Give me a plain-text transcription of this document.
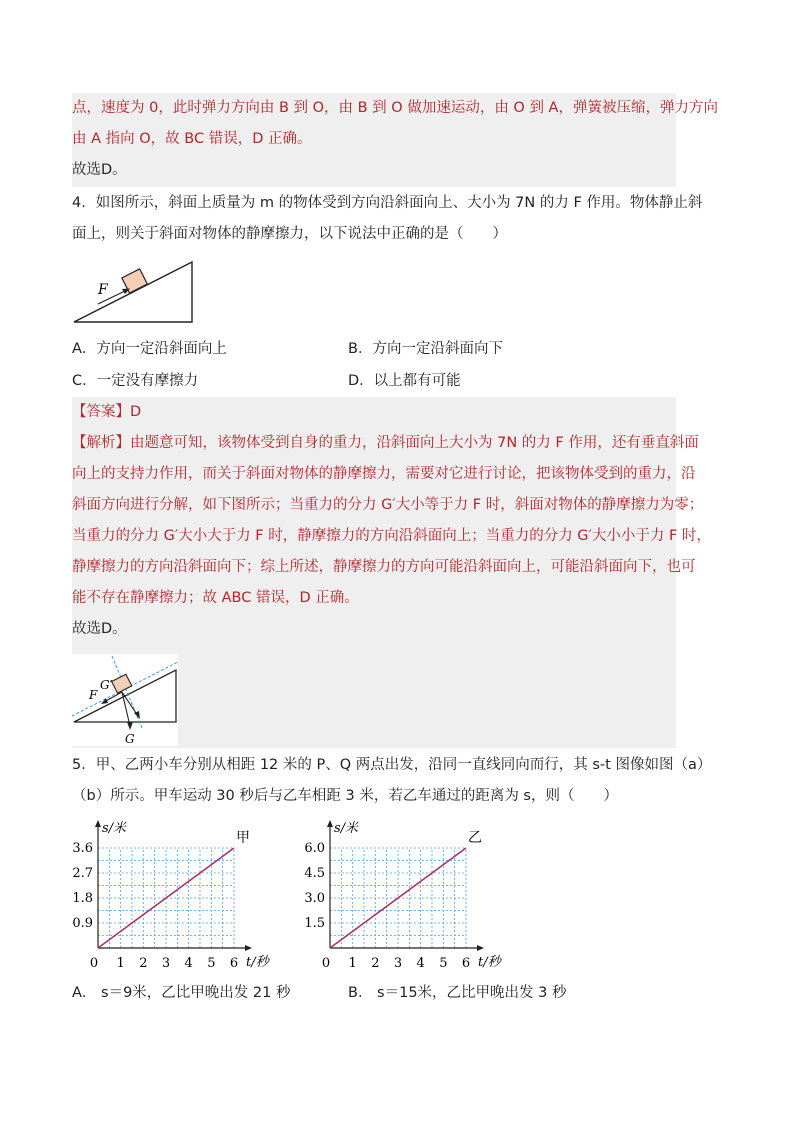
点，速度为 0，此时弹力方向由 B 到 O，由 B 到 O 做加速运动，由 O 到 A，弹簧被压缩，弹力方向
由 A 指向 O，故 BC 错误，D 正确。
故选D。
4．如图所示，斜面上质量为 m 的物体受到方向沿斜面向上、大小为 7N 的力 F 作用。物体静止斜
面上，则关于斜面对物体的静摩擦力，以下说法中正确的是（　　）
F
A．方向一定沿斜面向上	B．方向一定沿斜面向下
C．一定没有摩擦力	D．以上都有可能
【答案】D
【解析】由题意可知，该物体受到自身的重力，沿斜面向上大小为 7N 的力 F 作用，还有垂直斜面
向上的支持力作用，而关于斜面对物体的静摩擦力，需要对它进行讨论，把该物体受到的重力，沿
斜面方向进行分解，如下图所示；当重力的分力 G′大小等于力 F 时，斜面对物体的静摩擦力为零；
当重力的分力 G′大小大于力 F 时，静摩擦力的方向沿斜面向上；当重力的分力 G′大小小于力 F 时，
静摩擦力的方向沿斜面向下；综上所述，静摩擦力的方向可能沿斜面向上，可能沿斜面向下，也可
能不存在静摩擦力；故 ABC 错误，D 正确。
故选D。
G′
F
G
5．甲、乙两小车分别从相距 12 米的 P、Q 两点出发，沿同一直线同向而行，其 s-t 图像如图（a）
（b）所示。甲车运动 30 秒后与乙车相距 3 米，若乙车通过的距离为 s，则（　　）
0 1 2 3 4 5 6
0.9
1.8
2.7
3.6
s/米
t/秒
甲
0 1 2 3 4 5 6
1.5
3.0
4.5
6.0
s/米
t/秒
乙
A． s＝9米，乙比甲晚出发 21 秒	B． s＝15米，乙比甲晚出发 3 秒
